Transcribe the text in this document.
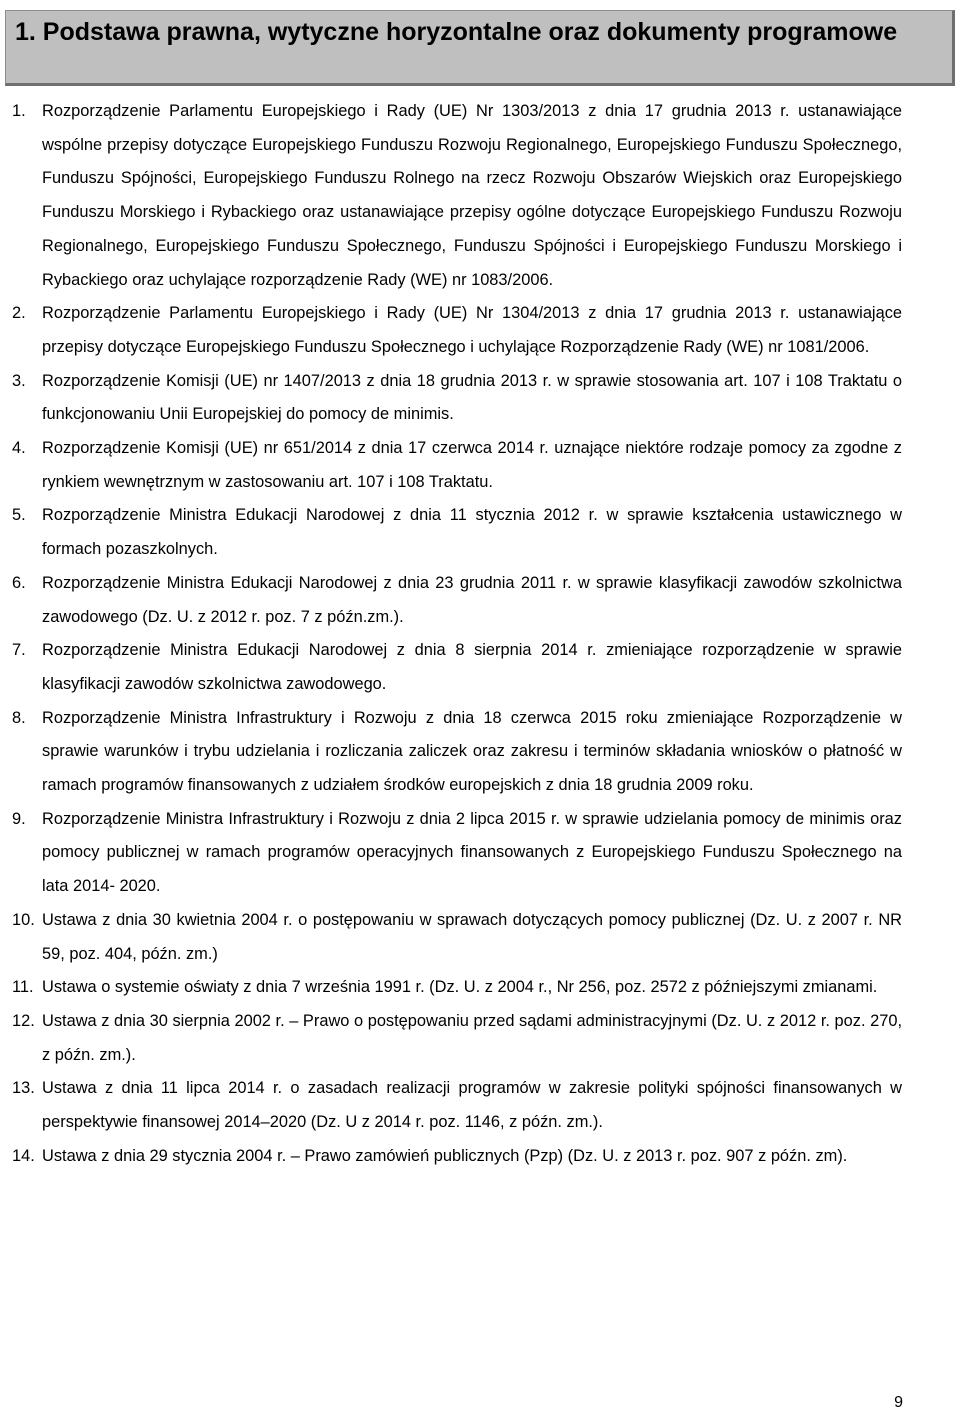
1. Podstawa prawna, wytyczne horyzontalne oraz dokumenty programowe
1. Rozporządzenie Parlamentu Europejskiego i Rady (UE) Nr 1303/2013 z dnia 17 grudnia 2013 r. ustanawiające wspólne przepisy dotyczące Europejskiego Funduszu Rozwoju Regionalnego, Europejskiego Funduszu Społecznego, Funduszu Spójności, Europejskiego Funduszu Rolnego na rzecz Rozwoju Obszarów Wiejskich oraz Europejskiego Funduszu Morskiego i Rybackiego oraz ustanawiające przepisy ogólne dotyczące Europejskiego Funduszu Rozwoju Regionalnego, Europejskiego Funduszu Społecznego, Funduszu Spójności i Europejskiego Funduszu Morskiego i Rybackiego oraz uchylające rozporządzenie Rady (WE) nr 1083/2006.
2. Rozporządzenie Parlamentu Europejskiego i Rady (UE) Nr 1304/2013 z dnia 17 grudnia 2013 r. ustanawiające przepisy dotyczące Europejskiego Funduszu Społecznego i uchylające Rozporządzenie Rady (WE) nr 1081/2006.
3. Rozporządzenie Komisji (UE) nr 1407/2013 z dnia 18 grudnia 2013 r. w sprawie stosowania art. 107 i 108 Traktatu o funkcjonowaniu Unii Europejskiej do pomocy de minimis.
4. Rozporządzenie Komisji (UE) nr 651/2014 z dnia 17 czerwca 2014 r. uznające niektóre rodzaje pomocy za zgodne z rynkiem wewnętrznym w zastosowaniu art. 107 i 108 Traktatu.
5. Rozporządzenie Ministra Edukacji Narodowej z dnia 11 stycznia 2012 r. w sprawie kształcenia ustawicznego w formach pozaszkolnych.
6. Rozporządzenie Ministra Edukacji Narodowej z dnia 23 grudnia 2011 r. w sprawie klasyfikacji zawodów szkolnictwa zawodowego (Dz. U. z 2012 r. poz. 7 z późn.zm.).
7. Rozporządzenie Ministra Edukacji Narodowej z dnia 8 sierpnia 2014 r. zmieniające rozporządzenie w sprawie klasyfikacji zawodów szkolnictwa zawodowego.
8. Rozporządzenie Ministra Infrastruktury i Rozwoju z dnia 18 czerwca 2015 roku zmieniające Rozporządzenie w sprawie warunków i trybu udzielania i rozliczania zaliczek oraz zakresu i terminów składania wniosków o płatność w ramach programów finansowanych z udziałem środków europejskich z dnia 18 grudnia 2009 roku.
9. Rozporządzenie Ministra Infrastruktury i Rozwoju z dnia 2 lipca 2015 r. w sprawie udzielania pomocy de minimis oraz pomocy publicznej w ramach programów operacyjnych finansowanych z Europejskiego Funduszu Społecznego na lata 2014- 2020.
10. Ustawa z dnia 30 kwietnia 2004 r. o postępowaniu w sprawach dotyczących pomocy publicznej (Dz. U. z 2007 r. NR 59, poz. 404, późn. zm.)
11. Ustawa o systemie oświaty z dnia 7 września 1991 r. (Dz. U. z 2004 r., Nr 256, poz. 2572 z późniejszymi zmianami.
12. Ustawa z dnia 30 sierpnia 2002 r. – Prawo o postępowaniu przed sądami administracyjnymi (Dz. U. z 2012 r. poz. 270, z późn. zm.).
13. Ustawa z dnia 11 lipca 2014 r. o zasadach realizacji programów w zakresie polityki spójności finansowanych w perspektywie finansowej 2014–2020 (Dz. U z 2014 r. poz. 1146, z późn. zm.).
14. Ustawa z dnia 29 stycznia 2004 r. – Prawo zamówień publicznych (Pzp) (Dz. U. z 2013 r. poz. 907 z późn. zm).
9
